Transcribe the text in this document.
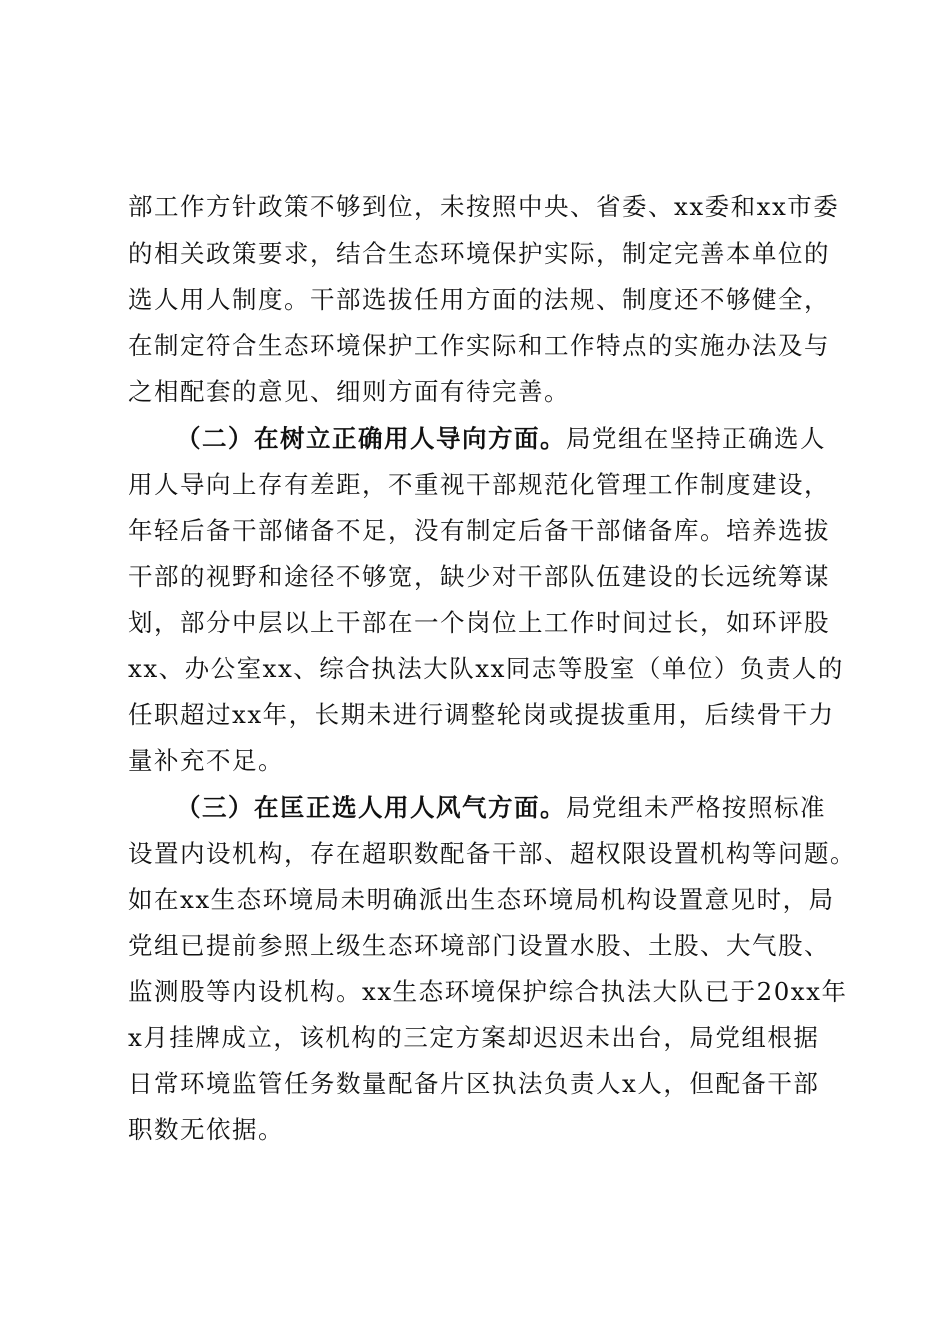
部工作方针政策不够到位，未按照中央、省委、xx委和xx市委
的相关政策要求，结合生态环境保护实际，制定完善本单位的
选人用人制度。干部选拔任用方面的法规、制度还不够健全，
在制定符合生态环境保护工作实际和工作特点的实施办法及与
之相配套的意见、细则方面有待完善。
（二）在树立正确用人导向方面。局党组在坚持正确选人
用人导向上存有差距，不重视干部规范化管理工作制度建设，
年轻后备干部储备不足，没有制定后备干部储备库。培养选拔
干部的视野和途径不够宽，缺少对干部队伍建设的长远统筹谋
划，部分中层以上干部在一个岗位上工作时间过长，如环评股
xx、办公室xx、综合执法大队xx同志等股室（单位）负责人的
任职超过xx年，长期未进行调整轮岗或提拔重用，后续骨干力
量补充不足。
（三）在匡正选人用人风气方面。局党组未严格按照标准
设置内设机构，存在超职数配备干部、超权限设置机构等问题。
如在xx生态环境局未明确派出生态环境局机构设置意见时，局
党组已提前参照上级生态环境部门设置水股、土股、大气股、
监测股等内设机构。xx生态环境保护综合执法大队已于20xx年
x月挂牌成立，该机构的三定方案却迟迟未出台，局党组根据
日常环境监管任务数量配备片区执法负责人x人，但配备干部
职数无依据。
